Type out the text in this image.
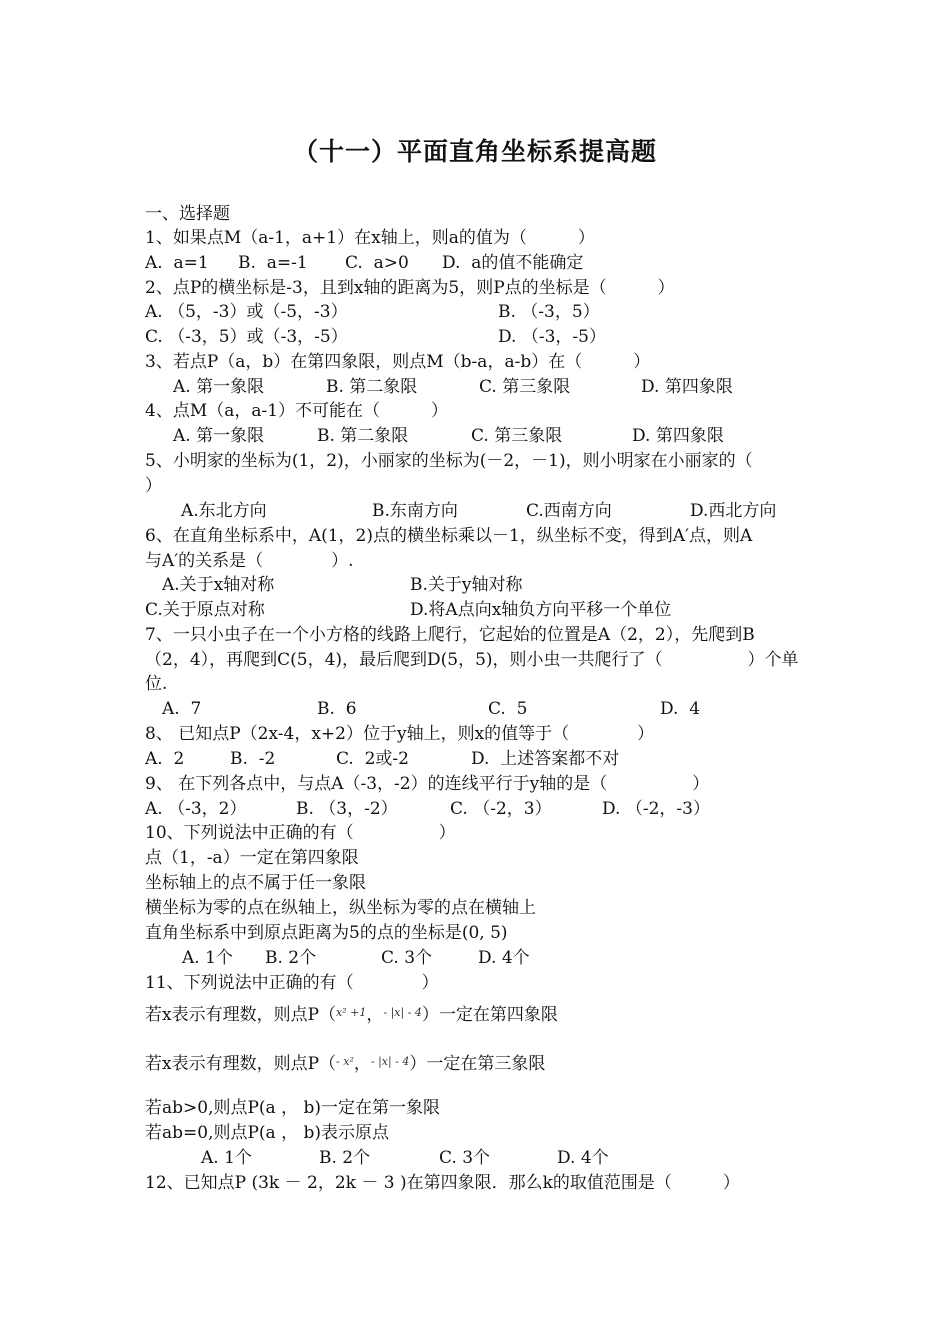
（十一）平面直角坐标系提高题
一、选择题
1、如果点M（a-1，a+1）在x轴上，则a的值为（　　　）

A.  a=1

B.  a=-1

C.  a>0

D.  a的值不能确定

2、点P的横坐标是-3，且到x轴的距离为5，则P点的坐标是（　　　）

A. （5，-3）或（-5，-3）

	B. （-3，5）

C. （-3，5）或（-3，-5）

	D. （-3，-5）

3、若点P（a，b）在第四象限，则点M（b-a，a-b）在（　　　）

A. 第一象限

	B. 第二象限

	C. 第三象限

	D. 第四象限

4、点M（a，a-1）不可能在（　　　）

A. 第一象限

	B. 第二象限

	C. 第三象限

	D. 第四象限

5、小明家的坐标为(1，2)，小丽家的坐标为(－2，－1)，则小明家在小丽家的（
）

A.东北方向

	B.东南方向

	C.西南方向

	D.西北方向

6、在直角坐标系中，A(1，2)点的横坐标乘以－1，纵坐标不变，得到A′点，则A
与A′的关系是（　　　　）.

A.关于x轴对称

	B.关于y轴对称

C.关于原点对称

	D.将A点向x轴负方向平移一个单位

7、一只小虫子在一个小方格的线路上爬行，它起始的位置是A（2，2），先爬到B
（2，4），再爬到C(5，4)，最后爬到D(5，5)，则小虫一共爬行了（　　　　　）个单
位.

A.  7

	B.  6

	C.  5

	D.  4

8、 已知点P（2x-4，x+2）位于y轴上，则x的值等于（　　　　）

A.  2

	B.  -2

	C.  2或-2

	D.  上述答案都不对

9、 在下列各点中，与点A（-3，-2）的连线平行于y轴的是（　　　　　）

A. （-3，2）

	B. （3，-2）

	C. （-2，3）

	D. （-2，-3）

10、下列说法中正确的有（　　　　　）
点（1，-a）一定在第四象限
坐标轴上的点不属于任一象限
横坐标为零的点在纵轴上，纵坐标为零的点在横轴上
直角坐标系中到原点距离为5的点的坐标是(0, 5)

A. 1个

B. 2个

	C. 3个

	D. 4个

11、下列说法中正确的有（　　　　）
若x表示有理数，则点P（$^{x^2 +1}$，$^{- |x| - 4}$）一定在第四象限
若x表示有理数，则点P（$^{- x^2}$，$^{- |x| - 4}$）一定在第三象限
若ab>0,则点P(a ， b)一定在第一象限
若ab=0,则点P(a ， b)表示原点

A. 1个

	B. 2个

	C. 3个

	D. 4个

12、已知点P (3k － 2，2k － 3 )在第四象限．那么k的取值范围是（　　　）
